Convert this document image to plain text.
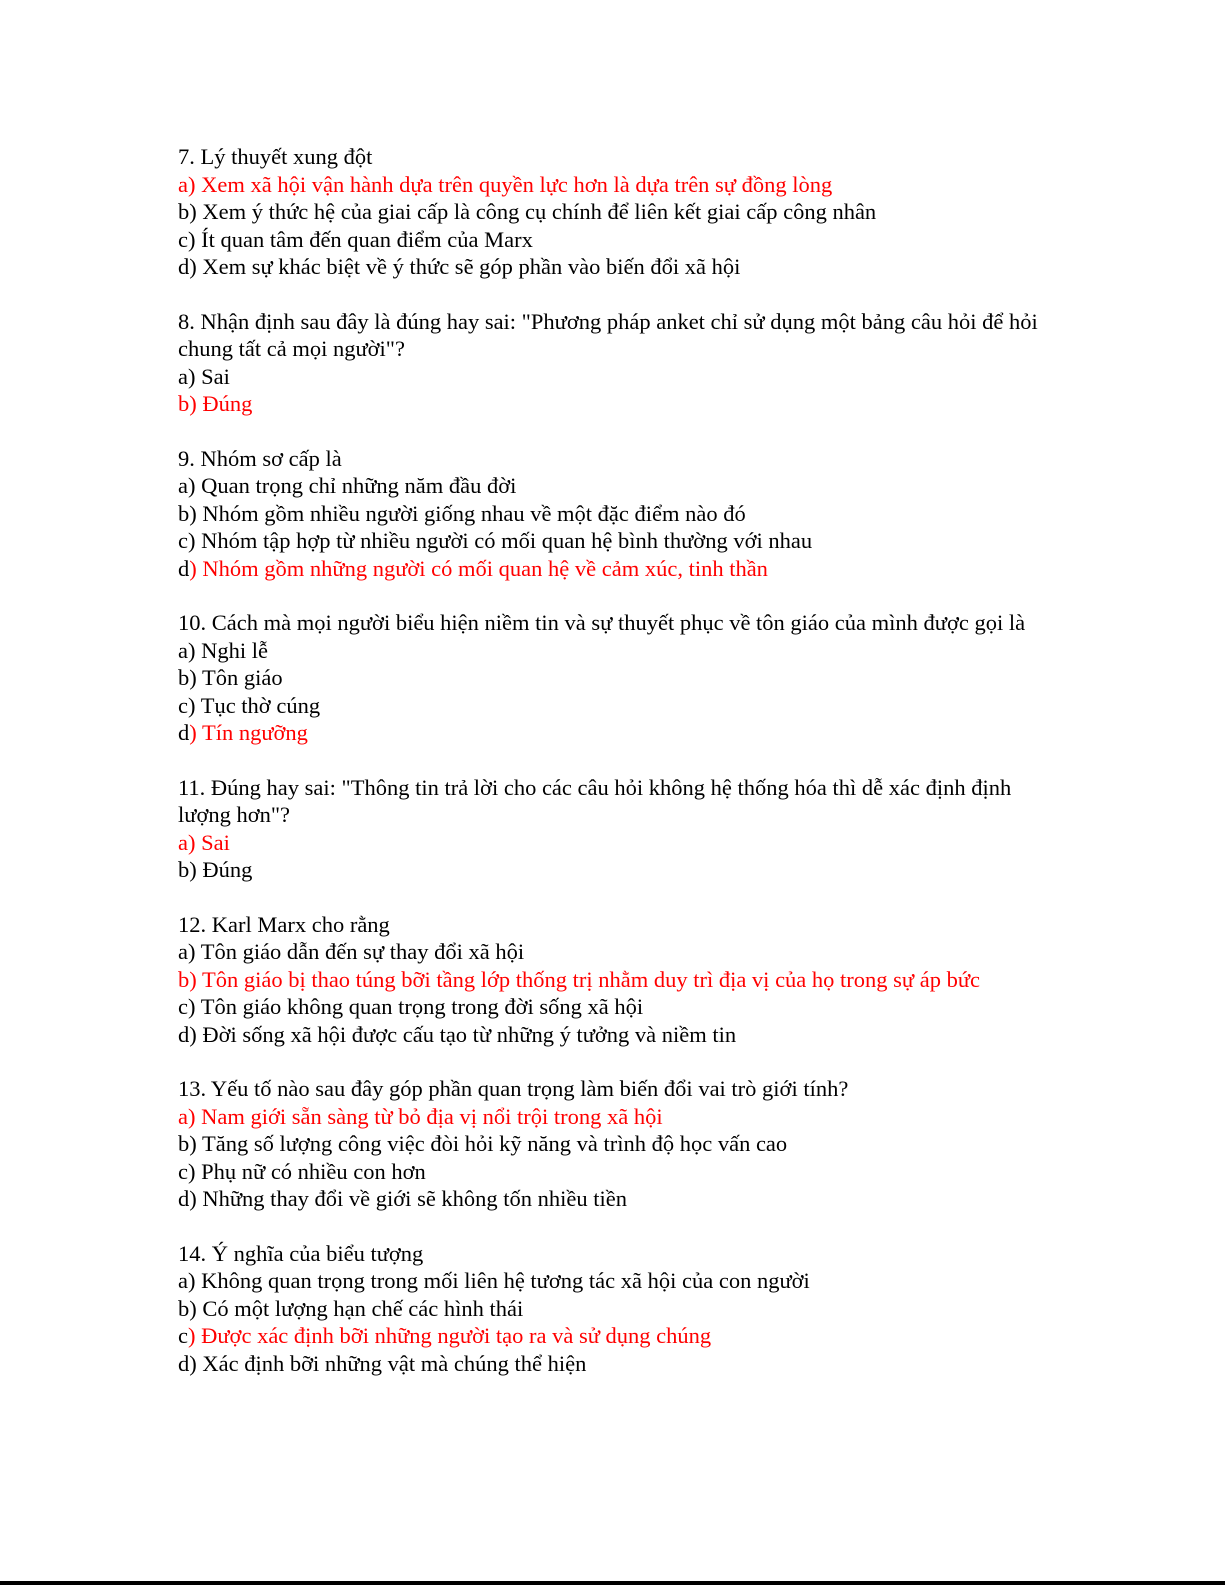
7. Lý thuyết xung đột
a) Xem xã hội vận hành dựa trên quyền lực hơn là dựa trên sự đồng lòng
b) Xem ý thức hệ của giai cấp là công cụ chính để liên kết giai cấp công nhân
c) Ít quan tâm đến quan điểm của Marx
d) Xem sự khác biệt về ý thức sẽ góp phần vào biến đổi xã hội
8. Nhận định sau đây là đúng hay sai: "Phương pháp anket chỉ sử dụng một bảng câu hỏi để hỏi chung tất cả mọi người"?
a) Sai
b) Đúng
9. Nhóm sơ cấp là
a) Quan trọng chỉ những năm đầu đời
b) Nhóm gồm nhiều người giống nhau về một đặc điểm nào đó
c) Nhóm tập hợp từ nhiều người có mối quan hệ bình thường với nhau
d) Nhóm gồm những người có mối quan hệ về cảm xúc, tinh thần
10. Cách mà mọi người biểu hiện niềm tin và sự thuyết phục về tôn giáo của mình được gọi là
a) Nghi lễ
b) Tôn giáo
c) Tục thờ cúng
d) Tín ngưỡng
11. Đúng hay sai: "Thông tin trả lời cho các câu hỏi không hệ thống hóa thì dễ xác định định lượng hơn"?
a) Sai
b) Đúng
12. Karl Marx cho rằng
a) Tôn giáo dẫn đến sự thay đổi xã hội
b) Tôn giáo bị thao túng bỡi tầng lớp thống trị nhằm duy trì địa vị của họ trong sự áp bức
c) Tôn giáo không quan trọng trong đời sống xã hội
d) Đời sống xã hội được cấu tạo từ những ý tưởng và niềm tin
13. Yếu tố nào sau đây góp phần quan trọng làm biến đổi vai trò giới tính?
a) Nam giới sẵn sàng từ bỏ địa vị nổi trội trong xã hội
b) Tăng số lượng công việc đòi hỏi kỹ năng và trình độ học vấn cao
c) Phụ nữ có nhiều con hơn
d) Những thay đổi về giới sẽ không tốn nhiều tiền
14. Ý nghĩa của biểu tượng
a) Không quan trọng trong mối liên hệ tương tác xã hội của con người
b) Có một lượng hạn chế các hình thái
c) Được xác định bỡi những người tạo ra và sử dụng chúng
d) Xác định bỡi những vật mà chúng thể hiện
